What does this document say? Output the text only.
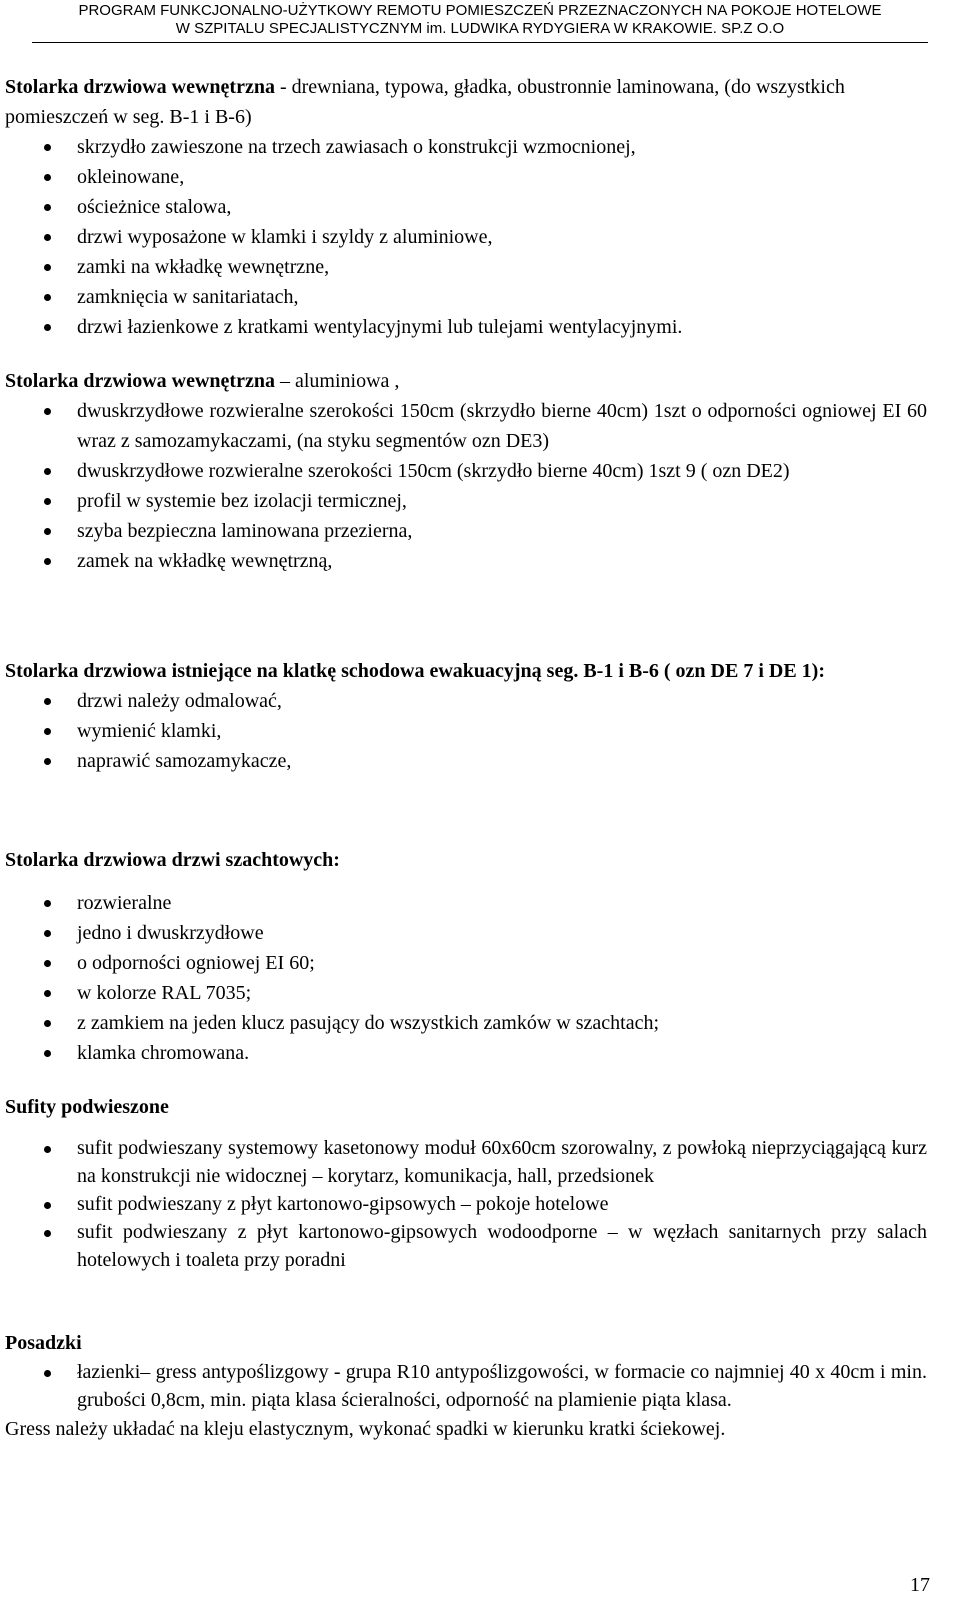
PROGRAM FUNKCJONALNO-UŻYTKOWY REMOTU POMIESZCZEŃ PRZEZNACZONYCH NA POKOJE HOTELOWE
W SZPITALU SPECJALISTYCZNYM im. LUDWIKA RYDYGIERA W KRAKOWIE. SP.Z O.O

Stolarka drzwiowa wewnętrzna - drewniana, typowa, gładka, obustronnie laminowana, (do wszystkich pomieszczeń w seg. B-1 i B-6)

skrzydło zawieszone na trzech zawiasach o konstrukcji wzmocnionej,
okleinowane,
ościeżnice stalowa,
drzwi wyposażone w klamki i szyldy z aluminiowe,
zamki na wkładkę wewnętrzne,
zamknięcia w sanitariatach,
drzwi łazienkowe z kratkami wentylacyjnymi lub tulejami wentylacyjnymi.

Stolarka drzwiowa wewnętrzna – aluminiowa ,

dwuskrzydłowe rozwieralne szerokości 150cm (skrzydło bierne 40cm) 1szt o odporności ogniowej EI 60 wraz z samozamykaczami, (na styku segmentów ozn DE3)
dwuskrzydłowe rozwieralne szerokości 150cm (skrzydło bierne 40cm) 1szt 9 ( ozn DE2)
profil w systemie bez izolacji termicznej,
szyba bezpieczna laminowana przezierna,
zamek na wkładkę wewnętrzną,

Stolarka drzwiowa istniejące na klatkę schodowa ewakuacyjną seg. B-1 i B-6 ( ozn DE 7 i DE 1):

drzwi należy odmalować,
wymienić klamki,
naprawić samozamykacze,

Stolarka drzwiowa drzwi szachtowych:

rozwieralne
jedno i dwuskrzydłowe
o odporności ogniowej EI 60;
w kolorze RAL 7035;
z zamkiem na jeden klucz pasujący do wszystkich zamków w szachtach;
klamka chromowana.

Sufity podwieszone

sufit podwieszany systemowy kasetonowy moduł 60x60cm szorowalny, z powłoką nieprzyciągającą kurz na konstrukcji nie widocznej – korytarz, komunikacja, hall, przedsionek
sufit podwieszany z płyt kartonowo-gipsowych – pokoje hotelowe
sufit podwieszany z płyt kartonowo-gipsowych wodoodporne – w węzłach sanitarnych przy salach hotelowych i toaleta przy poradni

Posadzki

łazienki– gress antypoślizgowy - grupa R10 antypoślizgowości, w formacie co najmniej 40 x 40cm i min. grubości 0,8cm, min. piąta klasa ścieralności, odporność na plamienie piąta klasa.

Gress należy układać na kleju elastycznym, wykonać spadki w kierunku kratki ściekowej.

17
